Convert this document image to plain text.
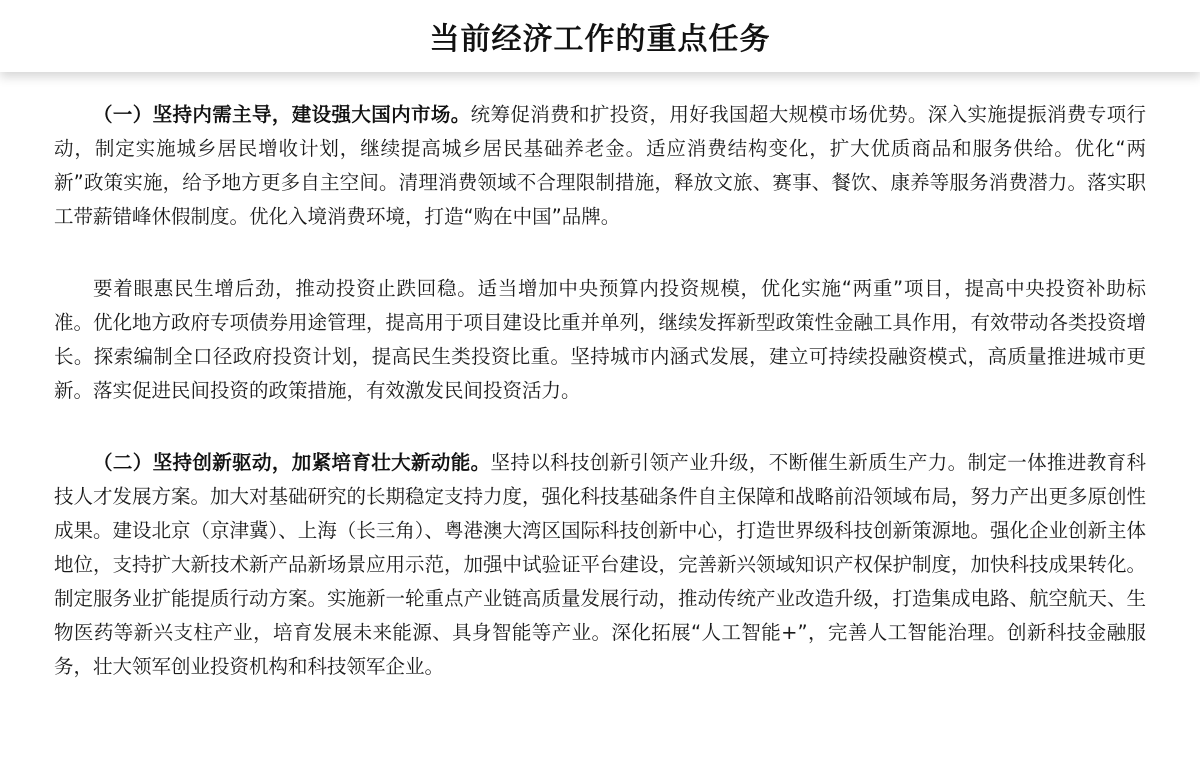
当前经济工作的重点任务

（一）坚持内需主导，建设强大国内市场。统筹促消费和扩投资，用好我国超大规模市场优势。深入实施提振消费专项行动，制定实施城乡居民增收计划，继续提高城乡居民基础养老金。适应消费结构变化，扩大优质商品和服务供给。优化“两新”政策实施，给予地方更多自主空间。清理消费领域不合理限制措施，释放文旅、赛事、餐饮、康养等服务消费潜力。落实职工带薪错峰休假制度。优化入境消费环境，打造“购在中国”品牌。

要着眼惠民生增后劲，推动投资止跌回稳。适当增加中央预算内投资规模，优化实施“两重”项目，提高中央投资补助标准。优化地方政府专项债券用途管理，提高用于项目建设比重并单列，继续发挥新型政策性金融工具作用，有效带动各类投资增长。探索编制全口径政府投资计划，提高民生类投资比重。坚持城市内涵式发展，建立可持续投融资模式，高质量推进城市更新。落实促进民间投资的政策措施，有效激发民间投资活力。

（二）坚持创新驱动，加紧培育壮大新动能。坚持以科技创新引领产业升级，不断催生新质生产力。制定一体推进教育科技人才发展方案。加大对基础研究的长期稳定支持力度，强化科技基础条件自主保障和战略前沿领域布局，努力产出更多原创性成果。建设北京（京津冀）、上海（长三角）、粤港澳大湾区国际科技创新中心，打造世界级科技创新策源地。强化企业创新主体地位，支持扩大新技术新产品新场景应用示范，加强中试验证平台建设，完善新兴领域知识产权保护制度，加快科技成果转化。制定服务业扩能提质行动方案。实施新一轮重点产业链高质量发展行动，推动传统产业改造升级，打造集成电路、航空航天、生物医药等新兴支柱产业，培育发展未来能源、具身智能等产业。深化拓展“人工智能+”，完善人工智能治理。创新科技金融服务，壮大领军创业投资机构和科技领军企业。
